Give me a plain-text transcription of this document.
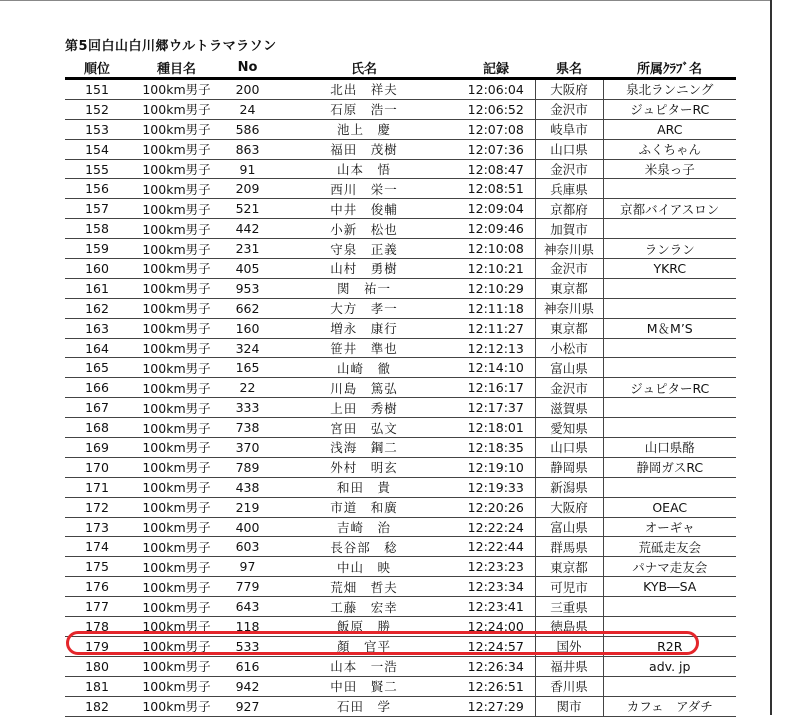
第5回白山白川郷ウルトラマラソン
順位	種目名	No	氏名	記録	県名	所属ｸﾗﾌﾞ名
151	100km男子	200	北出　祥夫	12:06:04	大阪府	泉北ランニング
152	100km男子	24	石原　浩一	12:06:52	金沢市	ジュピターRC
153	100km男子	586	池上　慶	12:07:08	岐阜市	ARC
154	100km男子	863	福田　茂樹	12:07:36	山口県	ふくちゃん
155	100km男子	91	山本　悟	12:08:47	金沢市	米泉っ子
156	100km男子	209	西川　栄一	12:08:51	兵庫県	
157	100km男子	521	中井　俊輔	12:09:04	京都府	京都バイアスロン
158	100km男子	442	小新　松也	12:09:46	加賀市	
159	100km男子	231	守泉　正義	12:10:08	神奈川県	ランラン
160	100km男子	405	山村　勇樹	12:10:21	金沢市	YKRC
161	100km男子	953	関　祐一	12:10:29	東京都	
162	100km男子	662	大方　孝一	12:11:18	神奈川県	
163	100km男子	160	増永　康行	12:11:27	東京都	M＆M’S
164	100km男子	324	笹井　準也	12:12:13	小松市	
165	100km男子	165	山崎　徹	12:14:10	富山県	
166	100km男子	22	川島　篤弘	12:16:17	金沢市	ジュピターRC
167	100km男子	333	上田　秀樹	12:17:37	滋賀県	
168	100km男子	738	宮田　弘文	12:18:01	愛知県	
169	100km男子	370	浅海　鋼二	12:18:35	山口県	山口県酪
170	100km男子	789	外村　明玄	12:19:10	静岡県	静岡ガスRC
171	100km男子	438	和田　貴	12:19:33	新潟県	
172	100km男子	219	市道　和廣	12:20:26	大阪府	OEAC
173	100km男子	400	吉崎　治	12:22:24	富山県	オーギャ
174	100km男子	603	長谷部　稔	12:22:44	群馬県	荒砥走友会
175	100km男子	97	中山　映	12:23:23	東京都	パナマ走友会
176	100km男子	779	荒畑　哲夫	12:23:34	可児市	KYB―SA
177	100km男子	643	工藤　宏幸	12:23:41	三重県	
178	100km男子	118	飯原　勝	12:24:00	徳島県	
179	100km男子	533	顏　官平	12:24:57	国外	R2R
180	100km男子	616	山本　一浩	12:26:34	福井県	adv. jp
181	100km男子	942	中田　賢二	12:26:51	香川県	
182	100km男子	927	石田　学	12:27:29	関市	カフェ　アダチ
